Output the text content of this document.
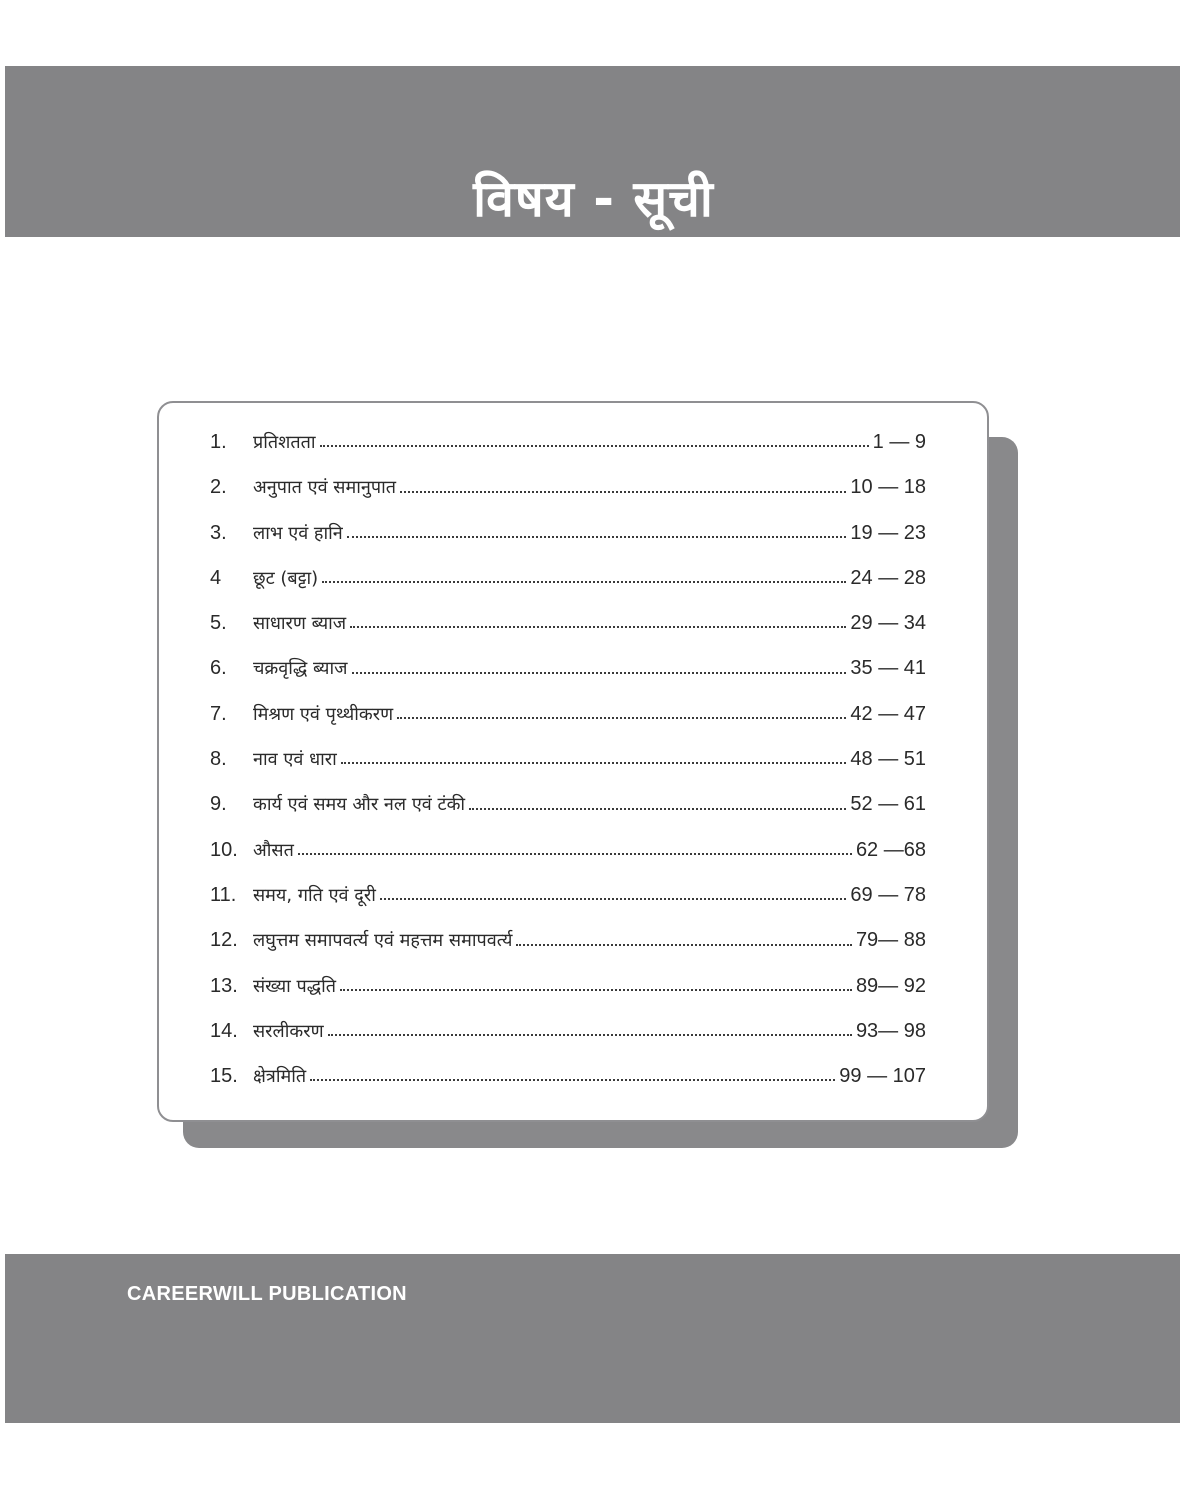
विषय - सूची
1.	प्रतिशतता	1 — 9
2.	अनुपात एवं समानुपात	10 — 18
3.	लाभ एवं हानि	19 — 23
4	छूट (बट्टा)	24 — 28
5.	साधारण ब्याज	29 — 34
6.	चक्रवृद्धि ब्याज	35 — 41
7.	मिश्रण एवं पृथ्थीकरण	42 — 47
8.	नाव एवं धारा	48 — 51
9.	कार्य एवं समय और नल एवं टंकी	52 — 61
10. औसत	62 —68
11. समय, गति एवं दूरी	69 — 78
12. लघुत्तम समापवर्त्य एवं महत्तम समापवर्त्य	79— 88
13. संख्या पद्धति	89— 92
14. सरलीकरण	93— 98
15. क्षेत्रमिति	99 — 107
CAREERWILL PUBLICATION
